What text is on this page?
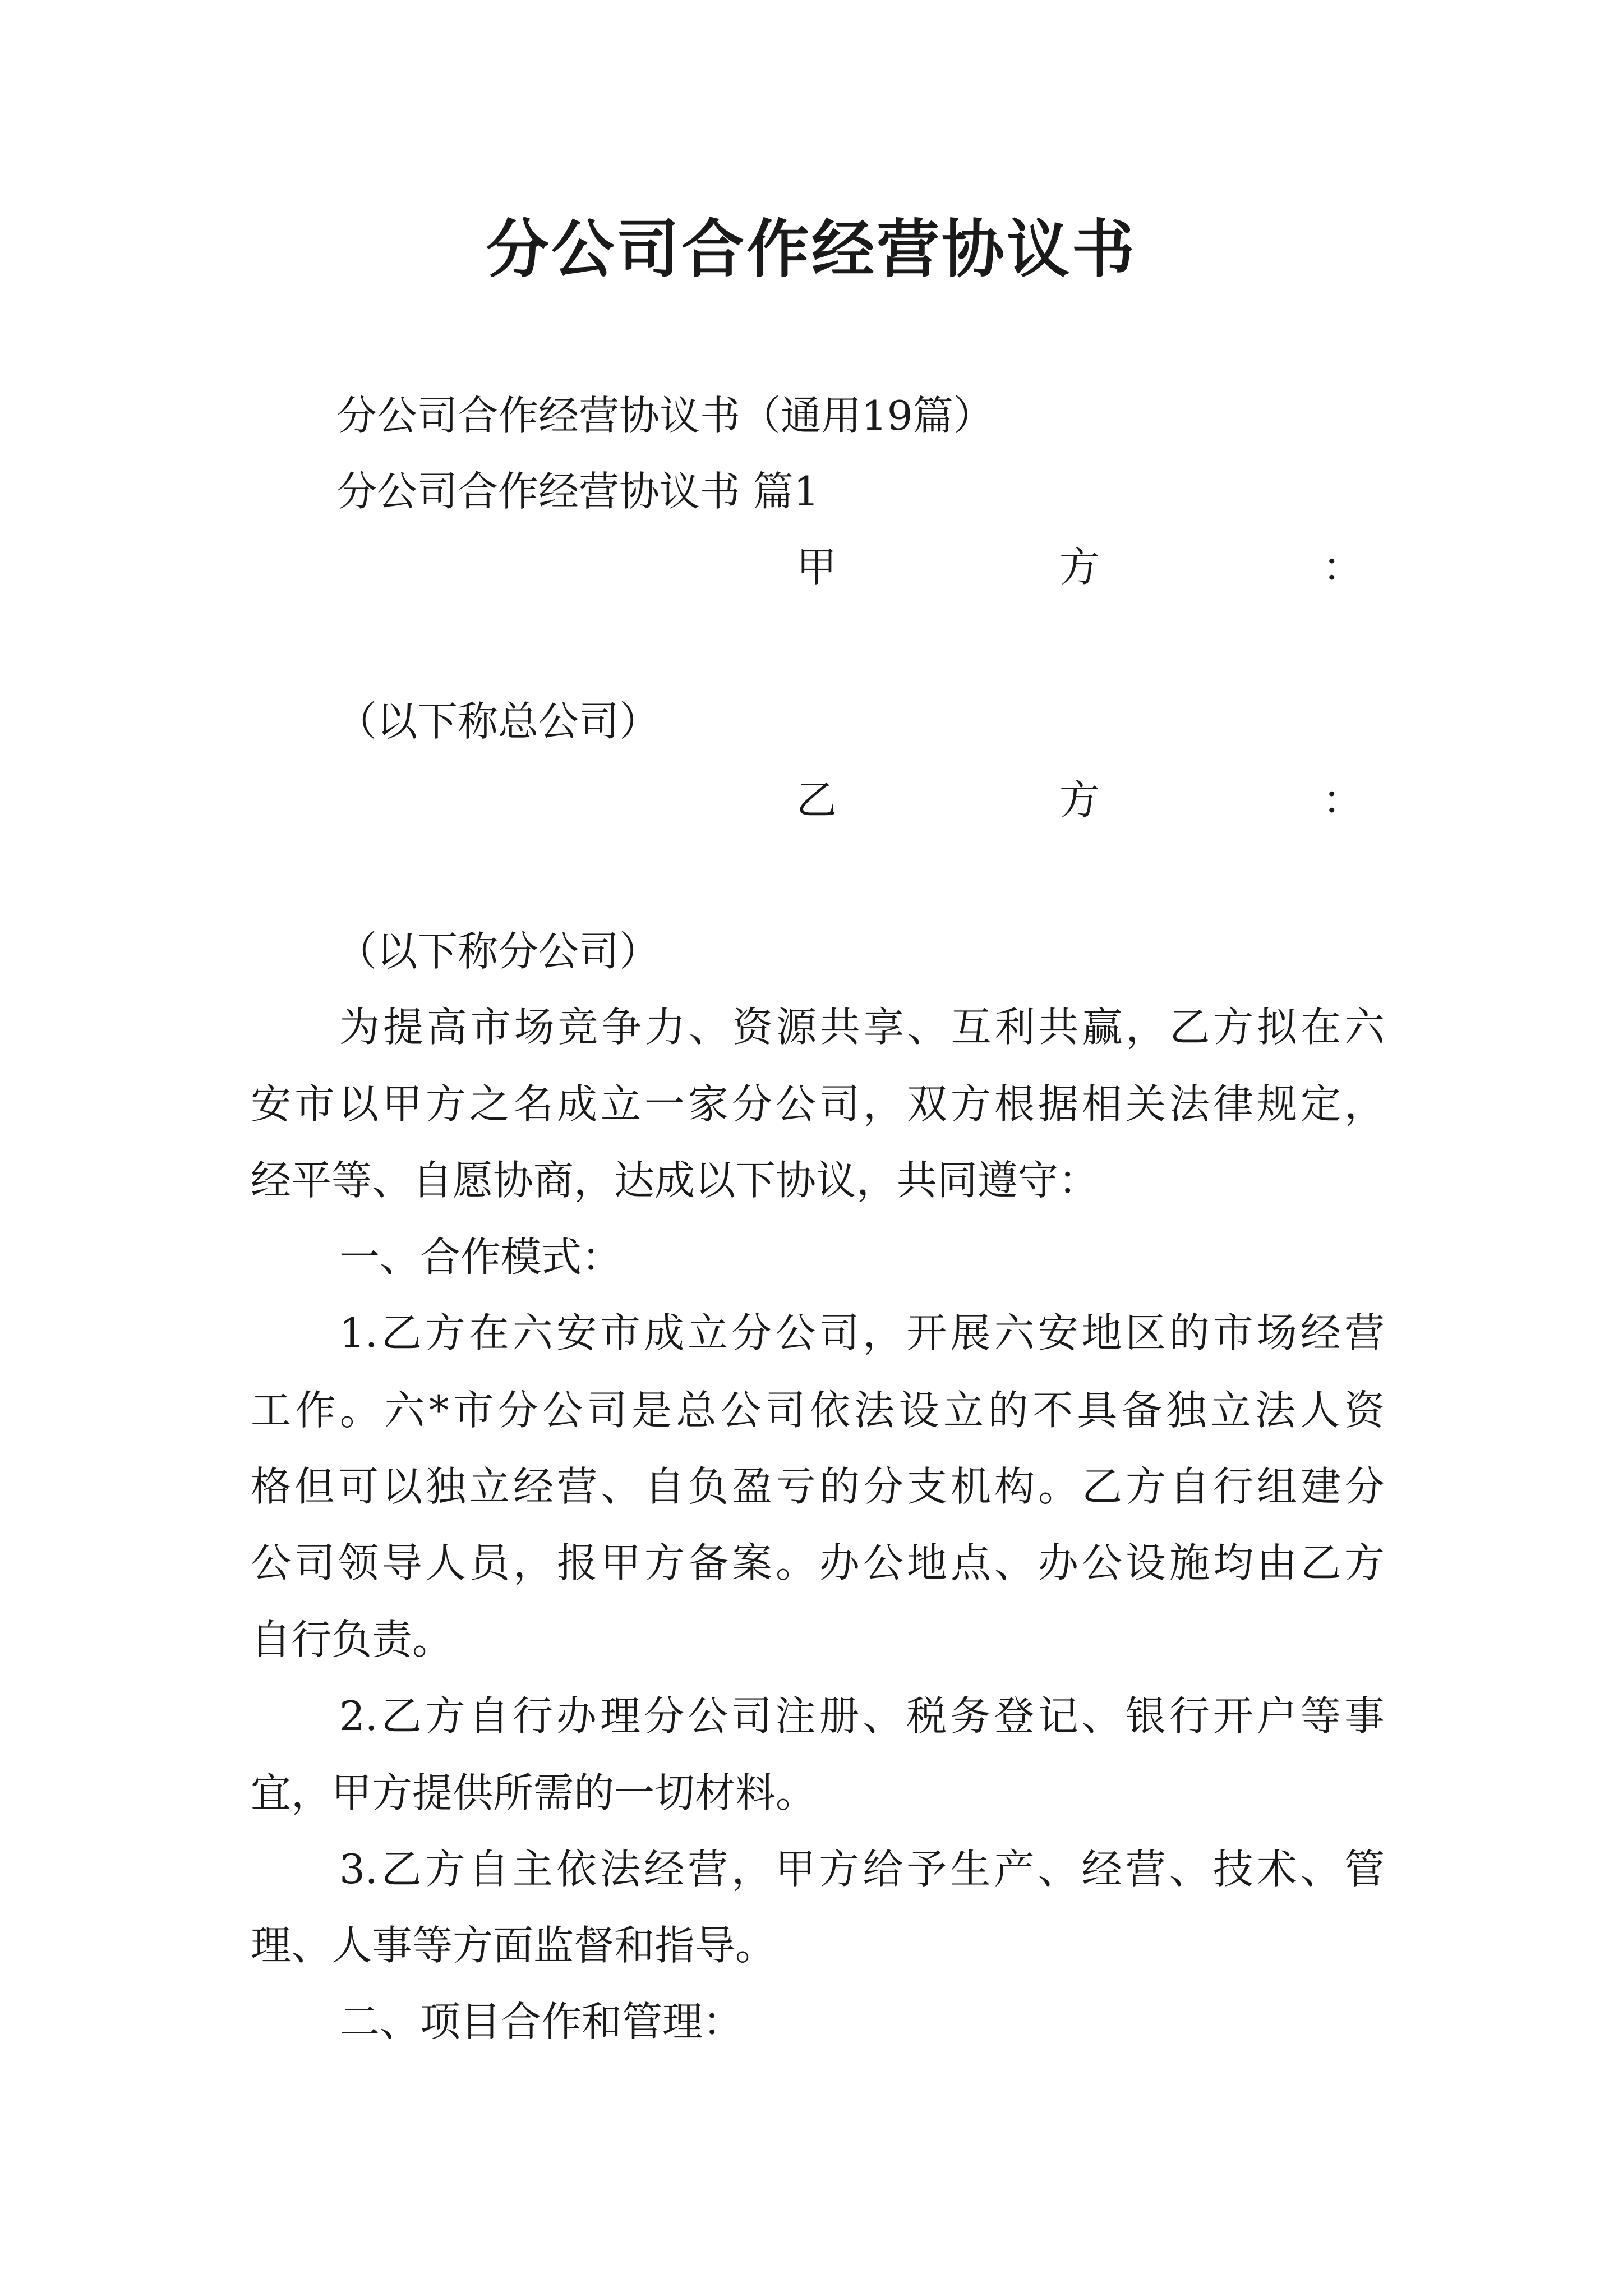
分公司合作经营协议书
分公司合作经营协议书（通用19篇）
分公司合作经营协议书 篇1
甲	方	：
（以下称总公司）
乙	方	：
（以下称分公司）
为提高市场竞争力、资源共享、互利共赢，乙方拟在六
安市以甲方之名成立一家分公司，双方根据相关法律规定，
经平等、自愿协商，达成以下协议，共同遵守：
一、合作模式：
1.乙方在六安市成立分公司，开展六安地区的市场经营
工作。六*市分公司是总公司依法设立的不具备独立法人资
格但可以独立经营、自负盈亏的分支机构。乙方自行组建分
公司领导人员，报甲方备案。办公地点、办公设施均由乙方
自行负责。
2.乙方自行办理分公司注册、税务登记、银行开户等事
宜，甲方提供所需的一切材料。
3.乙方自主依法经营，甲方给予生产、经营、技术、管
理、人事等方面监督和指导。
二、项目合作和管理：
